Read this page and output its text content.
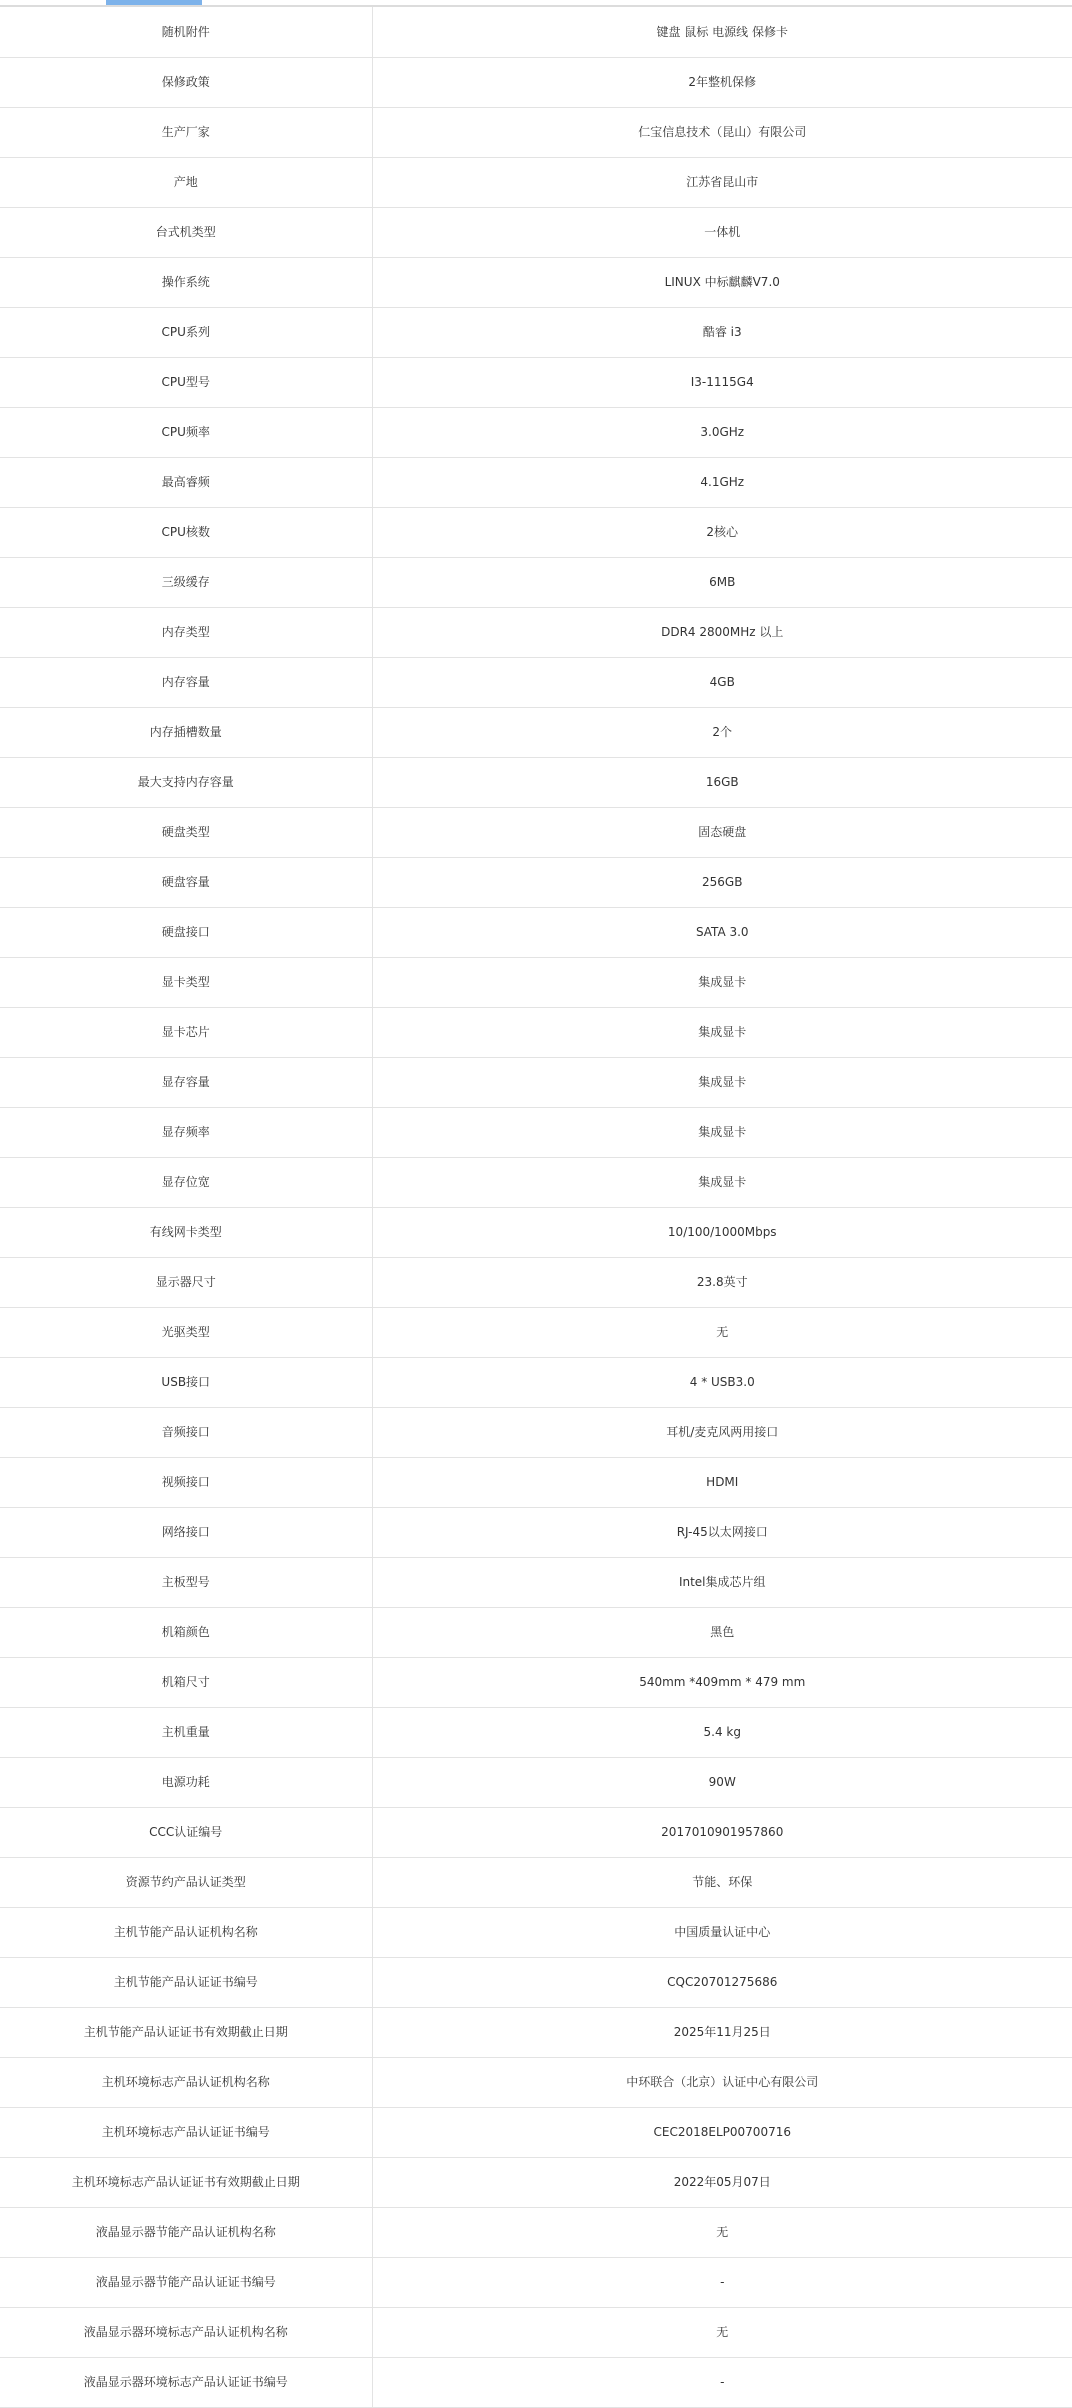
随机附件	键盘 鼠标 电源线 保修卡
保修政策	2年整机保修
生产厂家	仁宝信息技术（昆山）有限公司
产地	江苏省昆山市
台式机类型	一体机
操作系统	LINUX 中标麒麟V7.0
CPU系列	酷睿 i3
CPU型号	I3-1115G4
CPU频率	3.0GHz
最高睿频	4.1GHz
CPU核数	2核心
三级缓存	6MB
内存类型	DDR4 2800MHz 以上
内存容量	4GB
内存插槽数量	2个
最大支持内存容量	16GB
硬盘类型	固态硬盘
硬盘容量	256GB
硬盘接口	SATA 3.0
显卡类型	集成显卡
显卡芯片	集成显卡
显存容量	集成显卡
显存频率	集成显卡
显存位宽	集成显卡
有线网卡类型	10/100/1000Mbps
显示器尺寸	23.8英寸
光驱类型	无
USB接口	4 * USB3.0
音频接口	耳机/麦克风两用接口
视频接口	HDMI
网络接口	RJ-45以太网接口
主板型号	Intel集成芯片组
机箱颜色	黑色
机箱尺寸	540mm *409mm * 479 mm
主机重量	5.4 kg
电源功耗	90W
CCC认证编号	2017010901957860
资源节约产品认证类型	节能、环保
主机节能产品认证机构名称	中国质量认证中心
主机节能产品认证证书编号	CQC20701275686
主机节能产品认证证书有效期截止日期	2025年11月25日
主机环境标志产品认证机构名称	中环联合（北京）认证中心有限公司
主机环境标志产品认证证书编号	CEC2018ELP00700716
主机环境标志产品认证证书有效期截止日期	2022年05月07日
液晶显示器节能产品认证机构名称	无
液晶显示器节能产品认证证书编号	-
液晶显示器环境标志产品认证机构名称	无
液晶显示器环境标志产品认证证书编号	-
